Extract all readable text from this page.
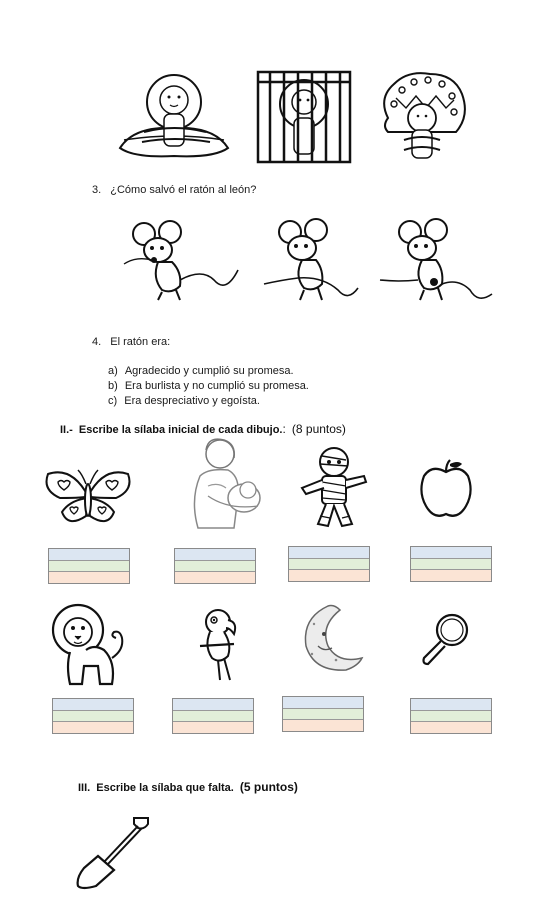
3. ¿Cómo salvó el ratón al león?
4. El ratón era:
a) Agradecido y cumplió su promesa.
b) Era burlista y no cumplió su promesa.
c) Era despreciativo y egoísta.
II.- Escribe la sílaba inicial de cada dibujo.: (8 puntos)
III. Escribe la sílaba que falta. (5 puntos)
